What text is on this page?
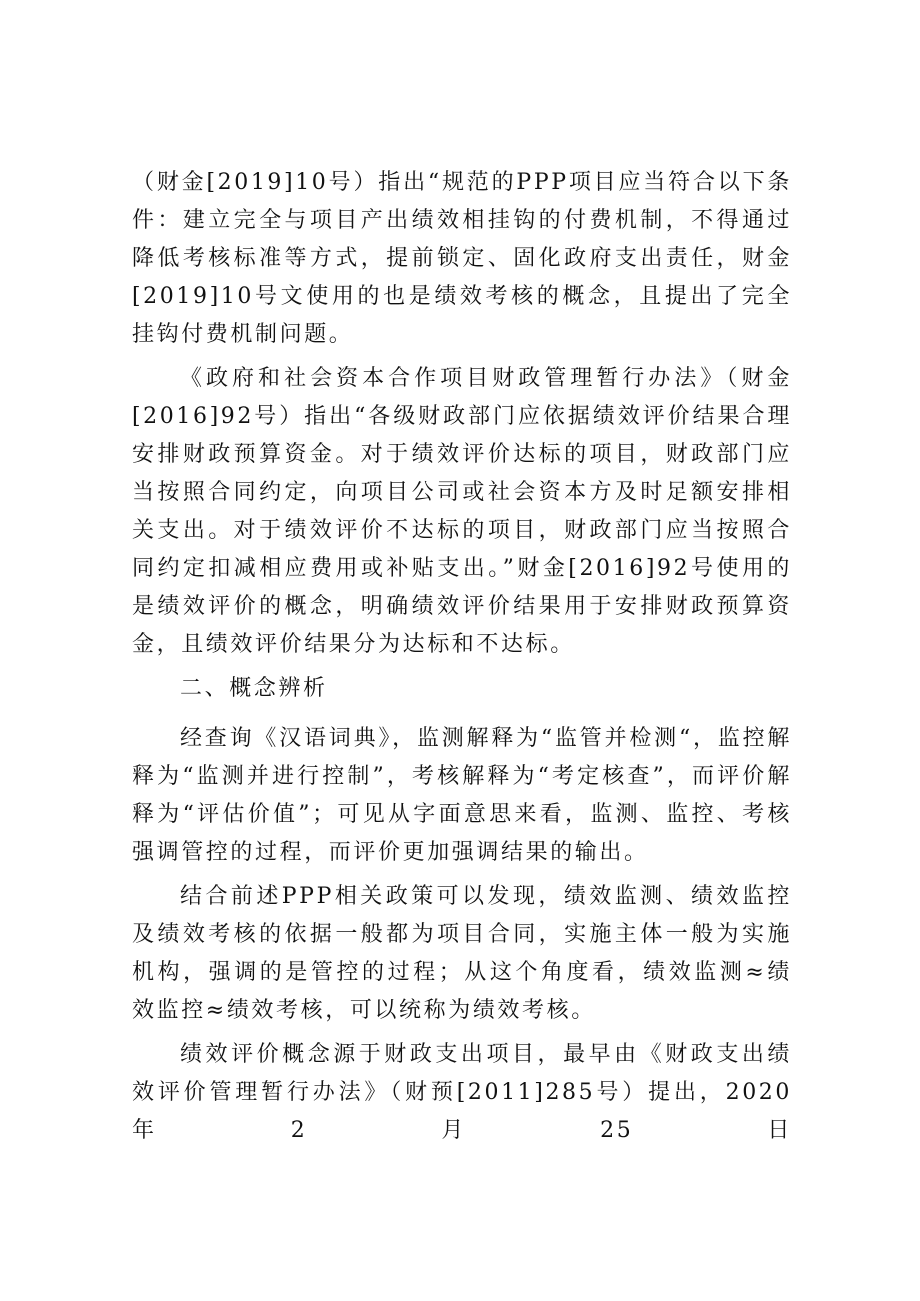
（财金[2019]10号）指出“规范的PPP项目应当符合以下条件：建立完全与项目产出绩效相挂钩的付费机制，不得通过降低考核标准等方式，提前锁定、固化政府支出责任，财金[2019]10号文使用的也是绩效考核的概念，且提出了完全挂钩付费机制问题。

《政府和社会资本合作项目财政管理暂行办法》（财金[2016]92号）指出“各级财政部门应依据绩效评价结果合理安排财政预算资金。对于绩效评价达标的项目，财政部门应当按照合同约定，向项目公司或社会资本方及时足额安排相关支出。对于绩效评价不达标的项目，财政部门应当按照合同约定扣减相应费用或补贴支出。”财金[2016]92号使用的是绩效评价的概念，明确绩效评价结果用于安排财政预算资金，且绩效评价结果分为达标和不达标。

二、概念辨析

经查询《汉语词典》，监测解释为“监管并检测“，监控解释为“监测并进行控制”，考核解释为“考定核查”，而评价解释为“评估价值”；可见从字面意思来看，监测、监控、考核强调管控的过程，而评价更加强调结果的输出。

结合前述PPP相关政策可以发现，绩效监测、绩效监控及绩效考核的依据一般都为项目合同，实施主体一般为实施机构，强调的是管控的过程；从这个角度看，绩效监测≈绩效监控≈绩效考核，可以统称为绩效考核。

绩效评价概念源于财政支出项目，最早由《财政支出绩效评价管理暂行办法》（财预[2011]285号）提出，2020年2月25日
